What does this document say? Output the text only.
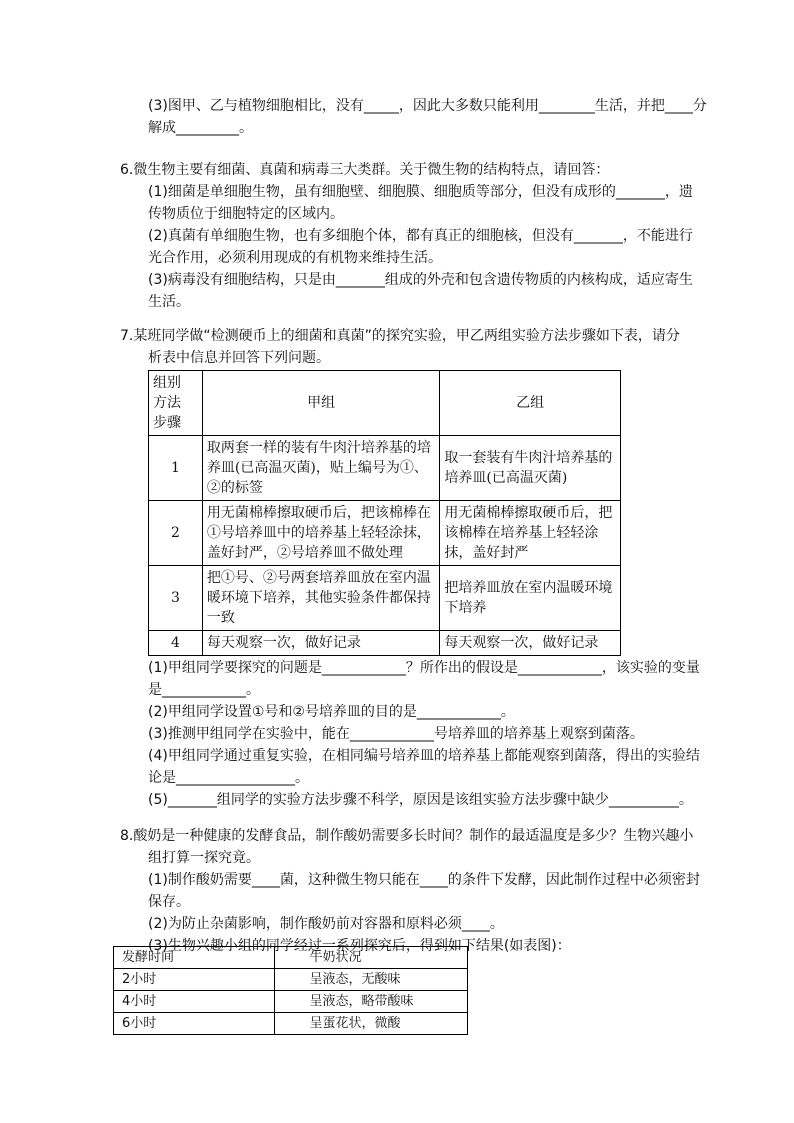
(3)图甲、乙与植物细胞相比，没有_____，因此大多数只能利用________生活，并把____分
解成_________。
6.微生物主要有细菌、真菌和病毒三大类群。关于微生物的结构特点，请回答：
(1)细菌是单细胞生物，虽有细胞壁、细胞膜、细胞质等部分，但没有成形的_______，遗
传物质位于细胞特定的区域内。
(2)真菌有单细胞生物，也有多细胞个体，都有真正的细胞核，但没有_______，不能进行
光合作用，必须利用现成的有机物来维持生活。
(3)病毒没有细胞结构，只是由_______组成的外壳和包含遗传物质的内核构成，适应寄生
生活。
7.某班同学做“检测硬币上的细菌和真菌”的探究实验，甲乙两组实验方法步骤如下表，请分
析表中信息并回答下列问题。
组别
方法
步骤	甲组	乙组
1	取两套一样的装有牛肉汁培养基的培养皿(已高温灭菌)，贴上编号为①、②的标签	取一套装有牛肉汁培养基的培养皿(已高温灭菌)
2	用无菌棉棒擦取硬币后，把该棉棒在①号培养皿中的培养基上轻轻涂抹，盖好封严，②号培养皿不做处理	用无菌棉棒擦取硬币后，把该棉棒在培养基上轻轻涂抹，盖好封严
3	把①号、②号两套培养皿放在室内温暖环境下培养，其他实验条件都保持一致	把培养皿放在室内温暖环境下培养
4	每天观察一次，做好记录	每天观察一次，做好记录
(1)甲组同学要探究的问题是____________？所作出的假设是____________，该实验的变量
是____________。
(2)甲组同学设置①号和②号培养皿的目的是____________。
(3)推测甲组同学在实验中，能在____________号培养皿的培养基上观察到菌落。
(4)甲组同学通过重复实验，在相同编号培养皿的培养基上都能观察到菌落，得出的实验结
论是_________________。
(5)_______组同学的实验方法步骤不科学，原因是该组实验方法步骤中缺少__________。
8.酸奶是一种健康的发酵食品，制作酸奶需要多长时间？制作的最适温度是多少？生物兴趣小
组打算一探究竟。
(1)制作酸奶需要____菌，这种微生物只能在____的条件下发酵，因此制作过程中必须密封
保存。
(2)为防止杂菌影响，制作酸奶前对容器和原料必须____。
(3)生物兴趣小组的同学经过一系列探究后，得到如下结果(如表图)：
发酵时间	牛奶状况
2小时	呈液态，无酸味
4小时	呈液态，略带酸味
6小时	呈蛋花状，微酸
